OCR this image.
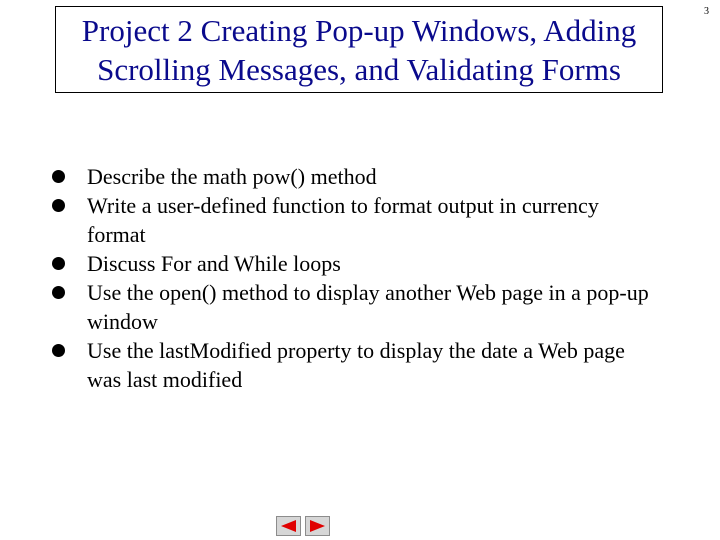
Project 2 Creating Pop-up Windows, Adding
Scrolling Messages, and Validating Forms
3
Describe the math pow() method
Write a user-defined function to format output in currency
format
Discuss For and While loops
Use the open() method to display another Web page in a pop-up
window
Use the lastModified property to display the date a Web page
was last modified
